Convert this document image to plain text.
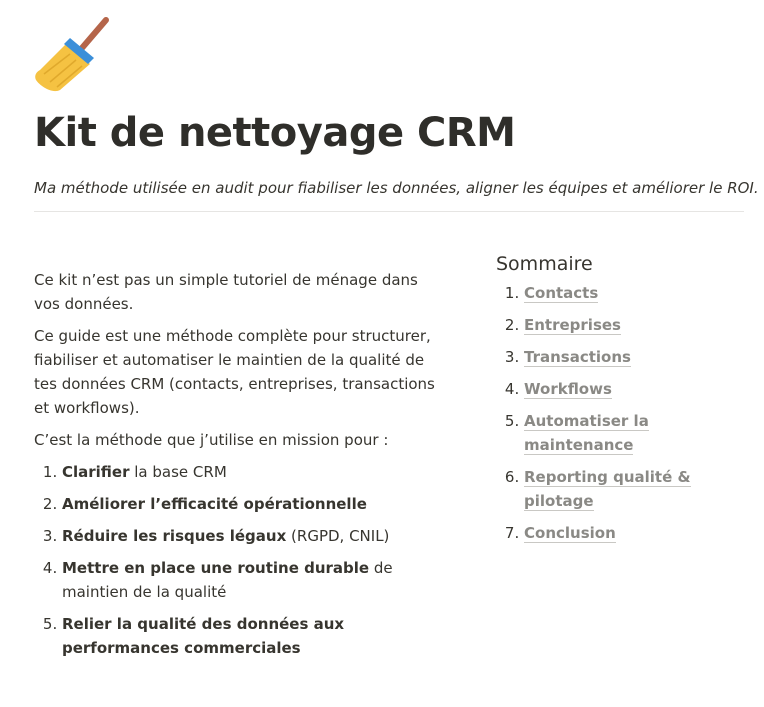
Kit de nettoyage CRM

Ma méthode utilisée en audit pour fiabiliser les données, aligner les équipes et améliorer le ROI.

Ce kit n’est pas un simple tutoriel de ménage dans vos données.

Ce guide est une méthode complète pour structurer, fiabiliser et automatiser le maintien de la qualité de tes données CRM (contacts, entreprises, transactions et workflows).

C’est la méthode que j’utilise en mission pour :

1. Clarifier la base CRM
2. Améliorer l’efficacité opérationnelle
3. Réduire les risques légaux (RGPD, CNIL)
4. Mettre en place une routine durable de maintien de la qualité
5. Relier la qualité des données aux performances commerciales
Sommaire
1. Contacts
2. Entreprises
3. Transactions
4. Workflows
5. Automatiser la maintenance
6. Reporting qualité & pilotage
7. Conclusion
